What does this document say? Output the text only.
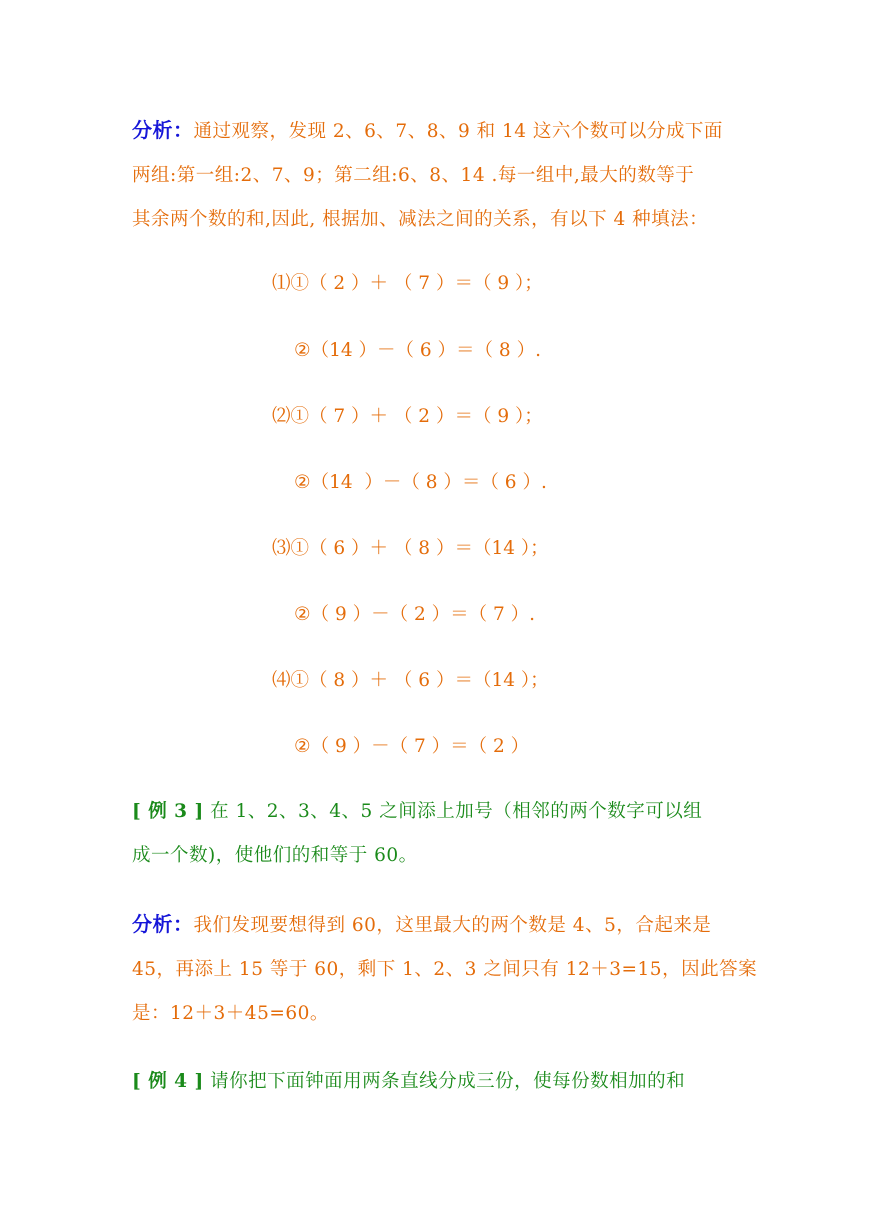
分析：通过观察，发现 2、6、7、8、9 和 14 这六个数可以分成下面
两组:第一组:2、7、9；第二组:6、8、14 .每一组中,最大的数等于
其余两个数的和,因此, 根据加、减法之间的关系，有以下 4 种填法：
⑴①（ 2 ）＋ （ 7 ）＝（ 9 ）；
②（14 ）－（ 6 ）＝（ 8 ）.
⑵①（ 7 ）＋ （ 2 ）＝（ 9 ）；
②（14  ）－（ 8 ）＝（ 6 ）.
⑶①（ 6 ）＋ （ 8 ）＝（14 ）；
②（ 9 ）－（ 2 ）＝（ 7 ）.
⑷①（ 8 ）＋ （ 6 ）＝（14 ）；
②（ 9 ）－（ 7 ）＝（ 2 ）
[ 例 3 ] 在 1、2、3、4、5 之间添上加号（相邻的两个数字可以组
成一个数)，使他们的和等于 60。
分析：我们发现要想得到 60，这里最大的两个数是 4、5，合起来是
45，再添上 15 等于 60，剩下 1、2、3 之间只有 12＋3=15，因此答案
是：12＋3＋45=60。
[ 例 4 ] 请你把下面钟面用两条直线分成三份，使每份数相加的和
